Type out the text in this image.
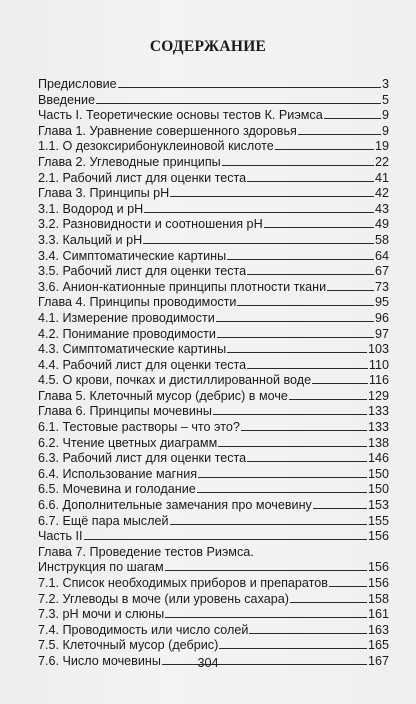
СОДЕРЖАНИЕ
Предисловие	3
Введение	5
Часть I. Теоретические основы тестов К. Риэмса	9
Глава 1. Уравнение совершенного здоровья	9
1.1. О дезоксирибонуклеиновой кислоте	19
Глава 2. Углеводные принципы	22
2.1. Рабочий лист для оценки теста	41
Глава 3. Принципы pH	42
3.1. Водород и pH	43
3.2. Разновидности и соотношения pH	49
3.3. Кальций и pH	58
3.4. Симптоматические картины	64
3.5. Рабочий лист для оценки теста	67
3.6. Анион-катионные принципы плотности ткани	73
Глава 4. Принципы проводимости	95
4.1. Измерение проводимости	96
4.2. Понимание проводимости	97
4.3. Симптоматические картины	103
4.4. Рабочий лист для оценки теста	110
4.5. О крови, почках и дистиллированной воде	116
Глава 5. Клеточный мусор (дебрис) в моче	129
Глава 6. Принципы мочевины	133
6.1. Тестовые растворы – что это?	133
6.2. Чтение цветных диаграмм	138
6.3. Рабочий лист для оценки теста	146
6.4. Использование магния	150
6.5. Мочевина и голодание	150
6.6. Дополнительные замечания про мочевину	153
6.7. Ещё пара мыслей	155
Часть II	156
Глава 7. Проведение тестов Риэмса.
Инструкция по шагам	156
7.1. Список необходимых приборов и препаратов	156
7.2. Углеводы в моче (или уровень сахара)	158
7.3. pH мочи и слюны	161
7.4. Проводимость или число солей	163
7.5. Клеточный мусор (дебрис)	165
7.6. Число мочевины	167
304
